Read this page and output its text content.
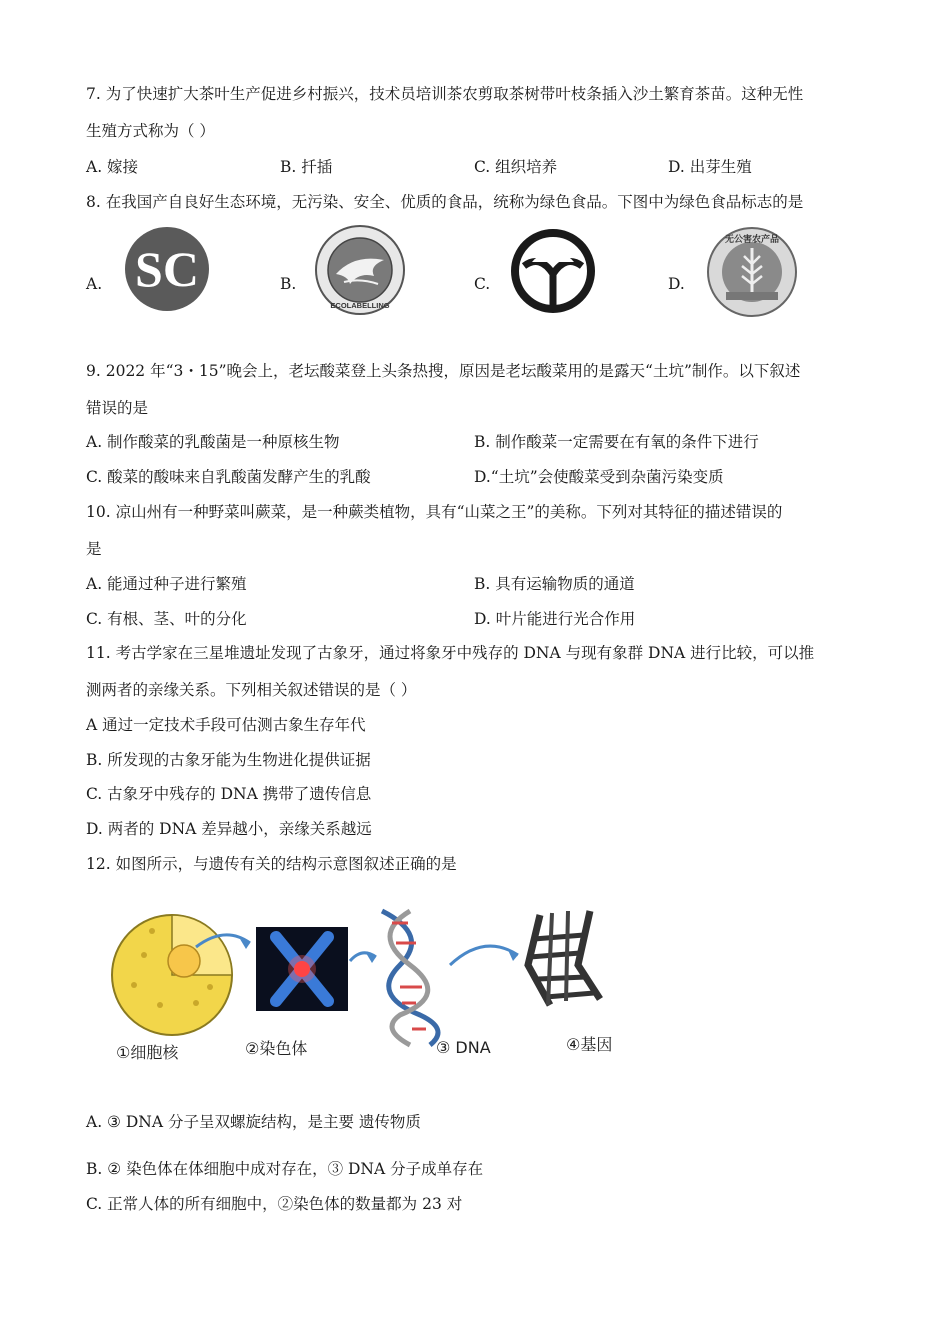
7. 为了快速扩大茶叶生产促进乡村振兴，技术员培训茶农剪取茶树带叶枝条插入沙土繁育茶苗。这种无性
生殖方式称为（ ）
A. 嫁接	B. 扦插	C. 组织培养	D. 出芽生殖
8. 在我国产自良好生态环境，无污染、安全、优质的食品，统称为绿色食品。下图中为绿色食品标志的是
A. SC	B.
ECOLABELLING
C.	D.
无公害农产品
9. 2022 年“3・15”晚会上，老坛酸菜登上头条热搜，原因是老坛酸菜用的是露天“土坑”制作。以下叙述
错误的是
A. 制作酸菜的乳酸菌是一种原核生物	B. 制作酸菜一定需要在有氧的条件下进行
C. 酸菜的酸味来自乳酸菌发酵产生的乳酸	D.“土坑”会使酸菜受到杂菌污染变质
10. 凉山州有一种野菜叫蕨菜，是一种蕨类植物，具有“山菜之王”的美称。下列对其特征的描述错误的
是
A. 能通过种子进行繁殖	B. 具有运输物质的通道
C. 有根、茎、叶的分化	D. 叶片能进行光合作用
11. 考古学家在三星堆遗址发现了古象牙，通过将象牙中残存的 DNA 与现有象群 DNA 进行比较，可以推
测两者的亲缘关系。下列相关叙述错误的是（ ）
A 通过一定技术手段可估测古象生存年代
B. 所发现的古象牙能为生物进化提供证据
C. 古象牙中残存的 DNA 携带了遗传信息
D. 两者的 DNA 差异越小，亲缘关系越远
12. 如图所示，与遗传有关的结构示意图叙述正确的是
①细胞核	②染色体	③ DNA	④基因
A. ③ DNA 分子呈双螺旋结构，是主要 遗传物质
B. ② 染色体在体细胞中成对存在，③ DNA 分子成单存在
C. 正常人体的所有细胞中，②染色体的数量都为 23 对
